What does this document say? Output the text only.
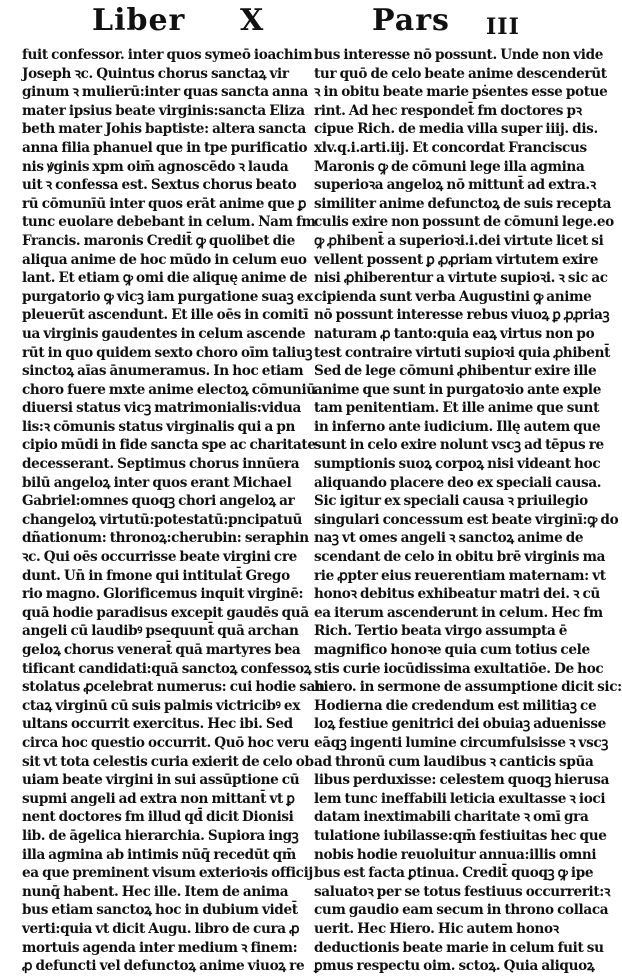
Liber X	Pars III
fuit confessor. inter quos symeō ioachim
Joseph ꝛc. Quintus chorus sanctaꝝ vir
ginum ꝛ mulierū:inter quas sancta anna
mater ipsius beate virginis:sancta Eliza
beth mater Johis baptiste: altera sancta
anna filia phanuel que in tpe purificatio
nis ꝟginis xpm oim̄ agnoscēdo ꝛ lauda
uit ꝛ confessa est. Sextus chorus beato
rū cōmunīū inter quos erāt anime que ꝑ
tunc euolare debebant in celum. Nam fm
Francis. maronis Credit̄ ꝙ quolibet die
aliqua anime de hoc mūdo in celum euo
lant. Et etiam ꝙ omi die aliquę anime de
purgatorio ꝙ vicꝫ iam purgatione suaꝫ ex
pleuerūt ascendunt. Et ille oēs in comitī
ua virginis gaudentes in celum ascende
rūt in quo quidem sexto choro oīm taliuꝫ
sinctoꝝ aīas ānumeramus. In hoc etiam
choro fuere mxte anime electoꝝ cōmuniū
diuersi status vicꝫ matrimonialis:vidua
lis:ꝛ cōmunis status virginalis qui a pn
cipio mūdi in fide sancta spe ac charitate
decesserant. Septimus chorus innūera
bilū angeloꝝ inter quos erant Michael
Gabriel:omnes quoqꝫ chori angeloꝝ ar
changeloꝝ virtutū:potestatū:pncipatuū
dñationum: thronoꝝ:cherubin: seraphin
ꝛc. Qui oēs occurrisse beate virgini cre
dunt. Un̄ in fmone qui intitulat̄ Grego
rio magno. Glorificemus inquit virginē:
quā hodie paradisus excepit gaudēs quā
angeli cū laudibꝰ psequunt̄ quā archan
geloꝝ chorus venerat̄ quā martyres bea
tificant candidati:quā sanctoꝝ confessoꝝ
stolatus ꝓcelebrat numerus: cui hodie san
ctaꝝ virginū cū suis palmis victricibꝰ ex
ultans occurrit exercitus. Hec ibi. Sed
circa hoc questio occurrit. Quō hoc veru
sit vt tota celestis curia exierit de celo ob
uiam beate virgini in sui assūptione cū
supmi angeli ad extra non mittant̄ vt ꝑ
nent doctores fm illud qd̄ dicit Dionisi
lib. de āgelica hierarchia. Supiora ingꝫ
illa agmina ab intimis nūq̄ recedūt qm̄
ea que preminent visum exterioꝛis officij
nunq̄ habent. Hec ille. Item de anima
bus etiam sanctoꝝ hoc in dubium videt̄
verti:quia vt dicit Augu. libro de cura ꝓ
mortuis agenda inter medium ꝛ finem:
ꝓ defuncti vel defunctoꝝ anime viuoꝝ re
bus interesse nō possunt. Unde non vide
tur quō de celo beate anime descenderūt
ꝛ in obitu beate marie pṡentes esse potue
rint. Ad hec respondet̄ fm doctores pꝛ
cipue Rich. de media villa super iiij. dis.
xlv.q.i.arti.iij. Et concordat Franciscus
Maronis ꝙ de cōmuni lege illa agmina
superioꝛa angeloꝝ nō mittunt̄ ad extra.ꝛ
similiter anime defunctoꝝ de suis recepta
culis exire non possunt de cōmuni lege.eo
ꝙ ꝓhibent̄ a superioꝛi.i.dei virtute licet si
vellent possent ꝑ ꝓꝓriam virtutem exire
nisi ꝓhiberentur a virtute supioꝛi. ꝛ sic ac
cipienda sunt verba Augustini ꝙ anime
nō possunt interesse rebus viuoꝝ ꝑ ꝓꝓriaꝫ
naturam ꝓ tanto:quia eaꝝ virtus non po
test contraire virtuti supioꝛi quia ꝓhibent̄
Sed de lege cōmuni ꝓhibentur exire ille
anime que sunt in purgatoꝛio ante exple
tam penitentiam. Et ille anime que sunt
in inferno ante iudicium. Illę autem que
sunt in celo exire nolunt vscꝫ ad tēpus re
sumptionis suoꝝ corpoꝝ nisi videant hoc
aliquando placere deo ex speciali causa.
Sic igitur ex speciali causa ꝛ priuilegio
singulari concessum est beate virginī:ꝙ do
naꝫ vt omes angeli ꝛ sanctoꝝ anime de
scendant de celo in obitu brē virginis ma
rie ꝓpter eius reuerentiam maternam: vt
honoꝛ debitus exhibeatur matri dei. ꝛ cū
ea iterum ascenderunt in celum. Hec fm
Rich. Tertio beata virgo assumpta ē
magnifico honoꝛe quia cum totius cele
stis curie iocūdissima exultatiōe. De hoc
hiero. in sermone de assumptione dicit sic:
Hodierna die credendum est militiaꝫ ce
loꝝ festiue genitrici dei obuiaꝫ aduenisse
eāqꝫ ingenti lumine circumfulsisse ꝛ vscꝫ
ad thronū cum laudibus ꝛ canticis spūa
libus perduxisse: celestem quoqꝫ hierusa
lem tunc ineffabili leticia exultasse ꝛ ioci
datam inextimabili charitate ꝛ omī gra
tulatione iubilasse:qm̄ festiuitas hec que
nobis hodie reuoluitur annua:illis omni
bus est facta ꝑtinua. Credit̄ quoqꝫ ꝙ ipe
saluatoꝛ per se totus festiuus occurrerit:ꝛ
cum gaudio eam secum in throno collaca
uerit. Hec Hiero. Hic autem honoꝛ
deductionis beate marie in celum fuit su
ꝑmus respectu oim. sctoꝝ. Quia aliquoꝝ
